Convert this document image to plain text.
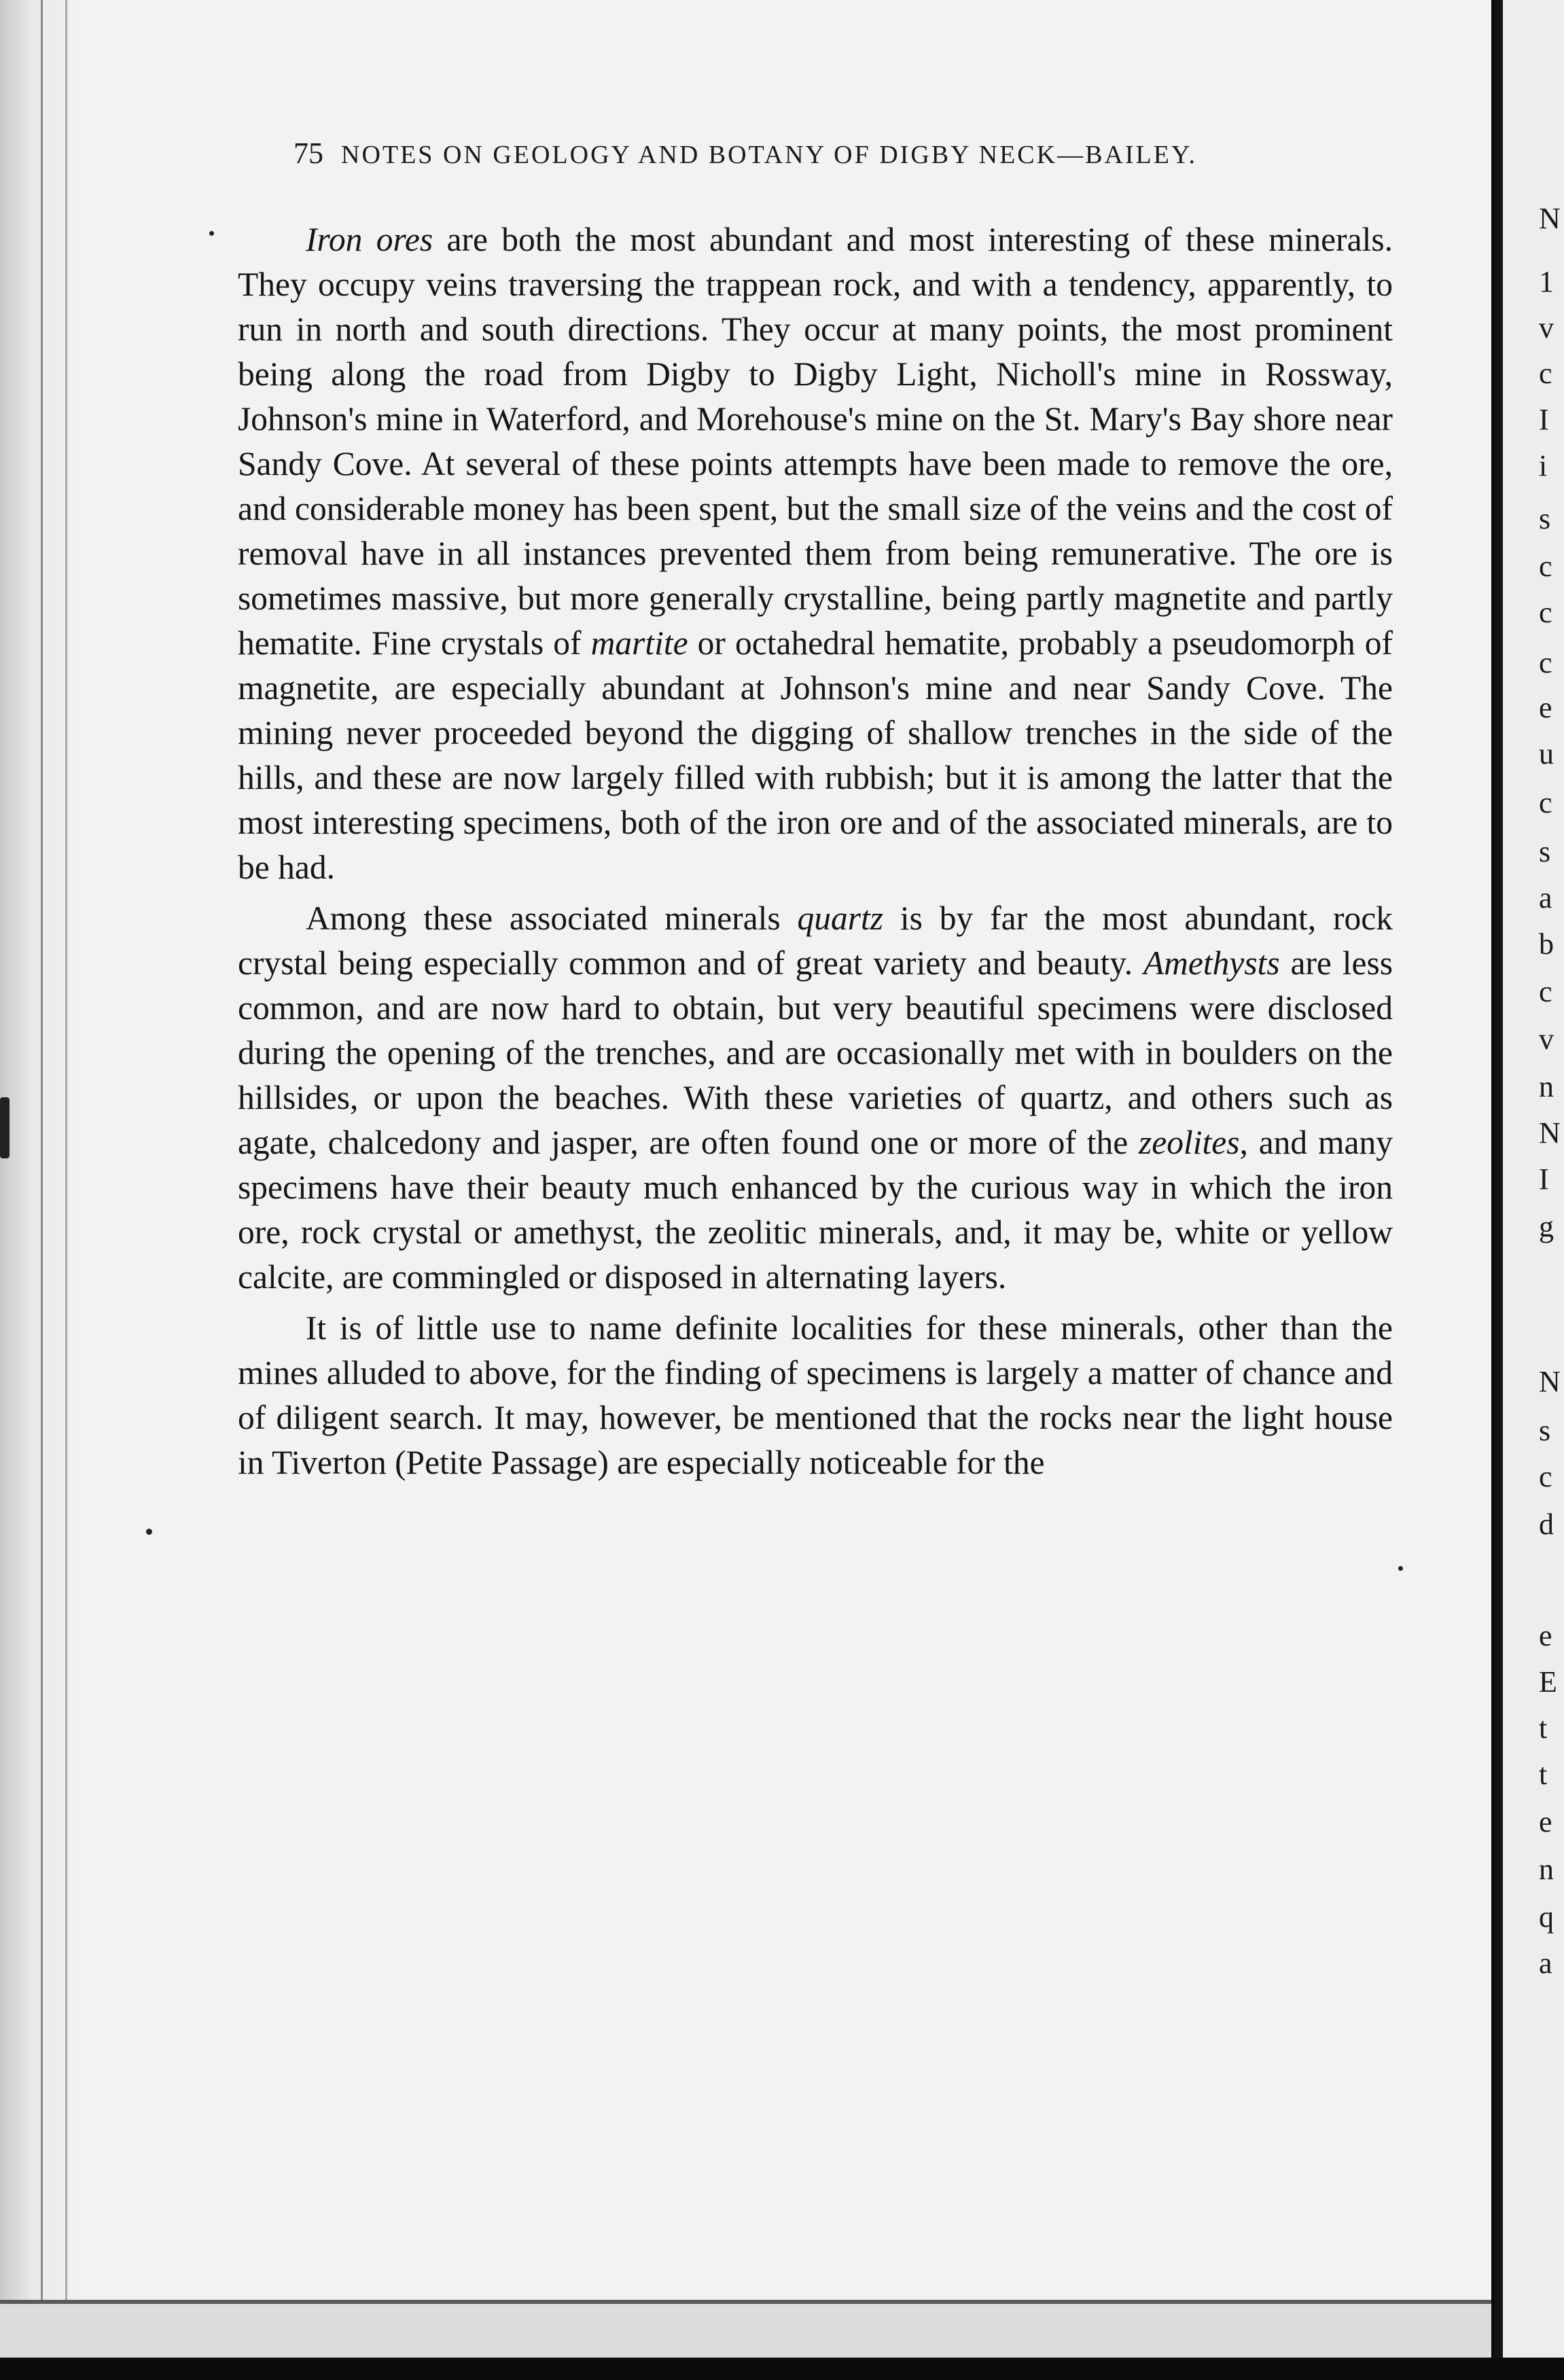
75 NOTES ON GEOLOGY AND BOTANY OF DIGBY NECK—BAILEY.

Iron ores are both the most abundant and most interesting of these minerals. They occupy veins traversing the trappean rock, and with a tendency, apparently, to run in north and south directions. They occur at many points, the most prominent being along the road from Digby to Digby Light, Nicholl's mine in Rossway, Johnson's mine in Waterford, and Morehouse's mine on the St. Mary's Bay shore near Sandy Cove. At several of these points attempts have been made to remove the ore, and considerable money has been spent, but the small size of the veins and the cost of removal have in all instances prevented them from being remunerative. The ore is sometimes massive, but more generally crystalline, being partly magnetite and partly hematite. Fine crystals of martite or octahedral hematite, probably a pseudomorph of magnetite, are especially abundant at Johnson's mine and near Sandy Cove. The mining never proceeded beyond the digging of shallow trenches in the side of the hills, and these are now largely filled with rubbish; but it is among the latter that the most interesting specimens, both of the iron ore and of the associated minerals, are to be had.

Among these associated minerals quartz is by far the most abundant, rock crystal being especially common and of great variety and beauty. Amethysts are less common, and are now hard to obtain, but very beautiful specimens were disclosed during the opening of the trenches, and are occasionally met with in boulders on the hillsides, or upon the beaches. With these varieties of quartz, and others such as agate, chalcedony and jasper, are often found one or more of the zeolites, and many specimens have their beauty much enhanced by the curious way in which the iron ore, rock crystal or amethyst, the zeolitic minerals, and, it may be, white or yellow calcite, are commingled or disposed in alternating layers.

It is of little use to name definite localities for these minerals, other than the mines alluded to above, for the finding of specimens is largely a matter of chance and of diligent search. It may, however, be mentioned that the rocks near the light house in Tiverton (Petite Passage) are especially noticeable for the

N
1
v
c
I
i
s
c
c
c
e
u
c
s
a
b
c
v
n
N
I
g
N
s
c
d
e
E
t
t
e
n
q
a
